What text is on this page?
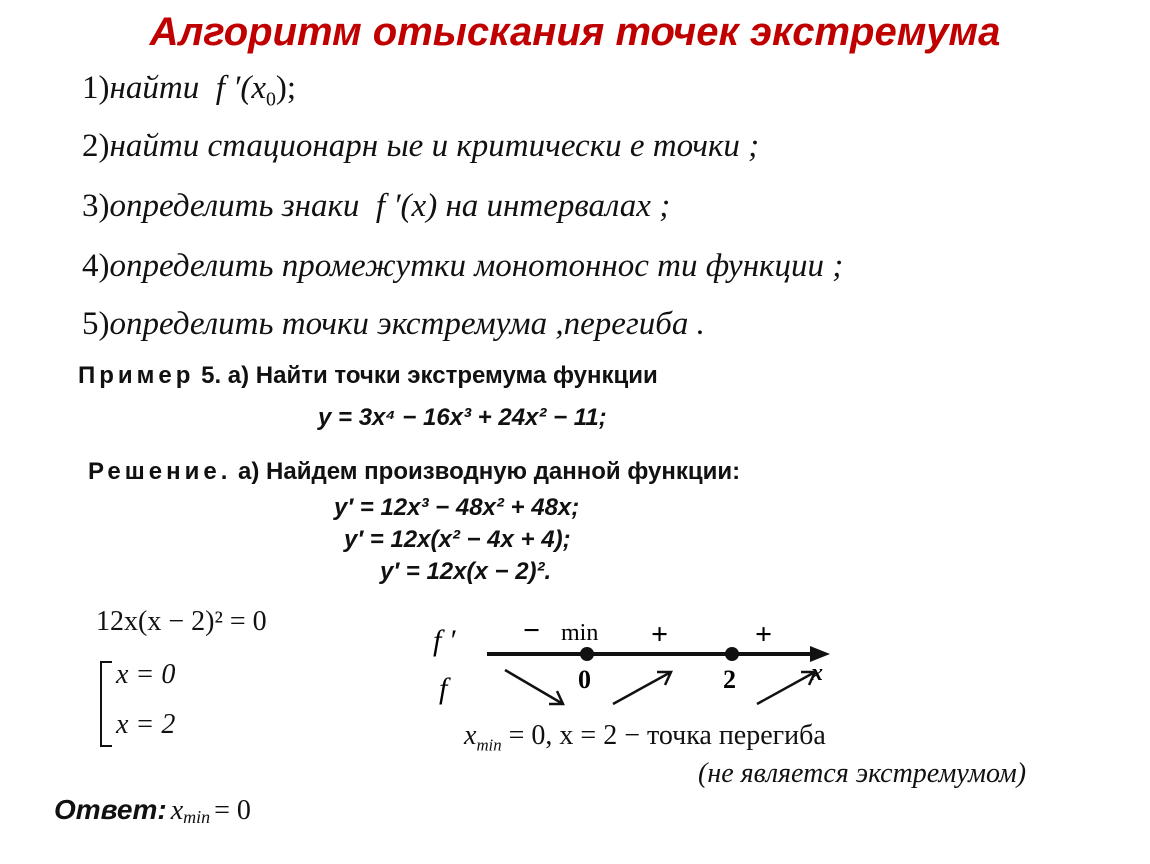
Алгоритм отыскания точек экстремума
1)найти f $'(x_0)$;
2)найти стационарн ые и критически е точки ;
3)определить знаки f ′(x) на интервалах ;
4)определить промежутки монотоннос ти функции ;
5)определить точки экстремума ,перегиба .
Пример 5. а) Найти точки экстремума функции
y = 3x⁴ − 16x³ + 24x² − 11;
Решение. а) Найдем производную данной функции:
y′ = 12x³ − 48x² + 48x;
y′ = 12x(x² − 4x + 4);
y′ = 12x(x − 2)².
12x(x − 2)² = 0
x = 0
x = 2
f ′
f	x
0	2
− min +	+
$x_{min} = 0$, x = 2 − точка перегиба
(не является экстремумом)
Ответ: $x_{min} = 0$
